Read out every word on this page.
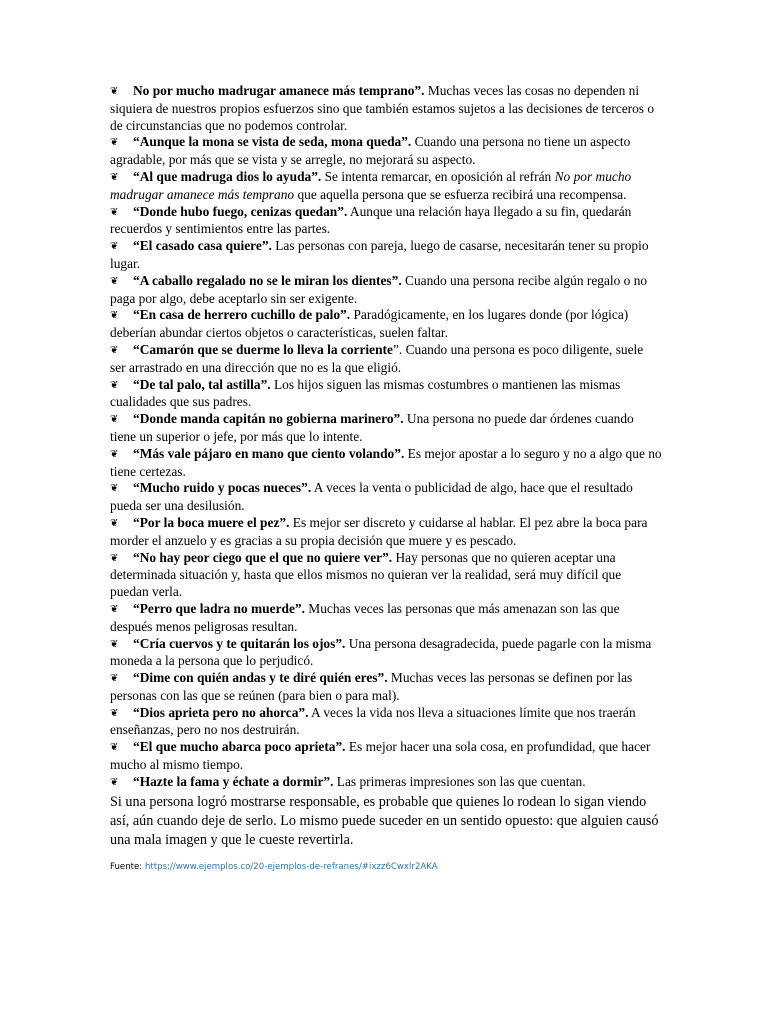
❦ No por mucho madrugar amanece más temprano”. Muchas veces las cosas no dependen ni siquiera de nuestros propios esfuerzos sino que también estamos sujetos a las decisiones de terceros o de circunstancias que no podemos controlar.

❦ “Aunque la mona se vista de seda, mona queda”. Cuando una persona no tiene un aspecto agradable, por más que se vista y se arregle, no mejorará su aspecto.

❦ “Al que madruga dios lo ayuda”. Se intenta remarcar, en oposición al refrán No por mucho madrugar amanece más temprano que aquella persona que se esfuerza recibirá una recompensa.

❦ “Donde hubo fuego, cenizas quedan”. Aunque una relación haya llegado a su fin, quedarán recuerdos y sentimientos entre las partes.

❦ “El casado casa quiere”. Las personas con pareja, luego de casarse, necesitarán tener su propio lugar.

❦ “A caballo regalado no se le miran los dientes”. Cuando una persona recibe algún regalo o no paga por algo, debe aceptarlo sin ser exigente.

❦ “En casa de herrero cuchillo de palo”. Paradógicamente, en los lugares donde (por lógica) deberían abundar ciertos objetos o características, suelen faltar.

❦ “Camarón que se duerme lo lleva la corriente”. Cuando una persona es poco diligente, suele ser arrastrado en una dirección que no es la que eligió.

❦ “De tal palo, tal astilla”. Los hijos siguen las mismas costumbres o mantienen las mismas cualidades que sus padres.

❦ “Donde manda capitán no gobierna marinero”. Una persona no puede dar órdenes cuando tiene un superior o jefe, por más que lo intente.

❦ “Más vale pájaro en mano que ciento volando”. Es mejor apostar a lo seguro y no a algo que no tiene certezas.

❦ “Mucho ruido y pocas nueces”. A veces la venta o publicidad de algo, hace que el resultado pueda ser una desilusión.

❦ “Por la boca muere el pez”. Es mejor ser discreto y cuidarse al hablar. El pez abre la boca para morder el anzuelo y es gracias a su propia decisión que muere y es pescado.

❦ “No hay peor ciego que el que no quiere ver”. Hay personas que no quieren aceptar una determinada situación y, hasta que ellos mismos no quieran ver la realidad, será muy difícil que puedan verla.

❦ “Perro que ladra no muerde”. Muchas veces las personas que más amenazan son las que después menos peligrosas resultan.

❦ “Cría cuervos y te quitarán los ojos”. Una persona desagradecida, puede pagarle con la misma moneda a la persona que lo perjudicó.

❦ “Dime con quién andas y te diré quién eres”. Muchas veces las personas se definen por las personas con las que se reúnen (para bien o para mal).

❦ “Dios aprieta pero no ahorca”. A veces la vida nos lleva a situaciones límite que nos traerán enseñanzas, pero no nos destruirán.

❦ “El que mucho abarca poco aprieta”. Es mejor hacer una sola cosa, en profundidad, que hacer mucho al mismo tiempo.

❦ “Hazte la fama y échate a dormir”. Las primeras impresiones son las que cuentan.

Si una persona logró mostrarse responsable, es probable que quienes lo rodean lo sigan viendo así, aún cuando deje de serlo. Lo mismo puede suceder en un sentido opuesto: que alguien causó una mala imagen y que le cueste revertirla.

Fuente: https://www.ejemplos.co/20-ejemplos-de-refranes/#ixzz6Cwxlr2AKA
